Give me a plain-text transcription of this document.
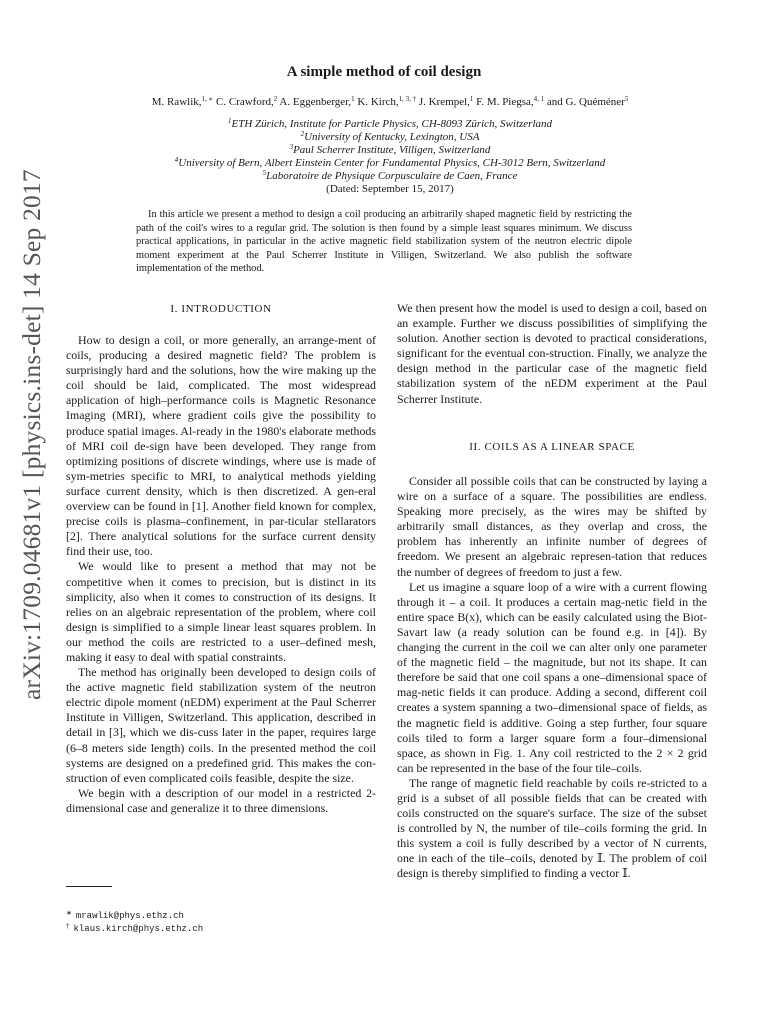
arXiv:1709.04681v1 [physics.ins-det] 14 Sep 2017
A simple method of coil design
M. Rawlik,$^{1, ∗}$ C. Crawford,$^2$ A. Eggenberger,$^1$ K. Kirch,$^{1, 3, \dagger}$ J. Krempel,$^1$ F. M. Piegsa,$^{4, 1}$ and G. Quéméner$^5$
$^1$ETH Zürich, Institute for Particle Physics, CH-8093 Zürich, Switzerland
$^2$University of Kentucky, Lexington, USA
$^3$Paul Scherrer Institute, Villigen, Switzerland
$^4$University of Bern, Albert Einstein Center for Fundamental Physics, CH-3012 Bern, Switzerland
$^5$Laboratoire de Physique Corpusculaire de Caen, France
(Dated: September 15, 2017)

In this article we present a method to design a coil producing an arbitrarily shaped magnetic field by restricting the path of the coil's wires to a regular grid. The solution is then found by a simple least squares minimum. We discuss practical applications, in particular in the active magnetic field stabilization system of the neutron electric dipole moment experiment at the Paul Scherrer Institute in Villigen, Switzerland. We also publish the software implementation of the method.

I. INTRODUCTION

How to design a coil, or more generally, an arrange-ment of coils, producing a desired magnetic field? The problem is surprisingly hard and the solutions, how the wire making up the coil should be laid, complicated. The most widespread application of high–performance coils is Magnetic Resonance Imaging (MRI), where gradient coils give the possibility to produce spatial images. Al-ready in the 1980's elaborate methods of MRI coil de-sign have been developed. They range from optimizing positions of discrete windings, where use is made of sym-metries specific to MRI, to analytical methods yielding surface current density, which is then discretized. A gen-eral overview can be found in [1]. Another field known for complex, precise coils is plasma–confinement, in par-ticular stellarators [2]. There analytical solutions for the surface current density find their use, too.

We would like to present a method that may not be competitive when it comes to precision, but is distinct in its simplicity, also when it comes to construction of its designs. It relies on an algebraic representation of the problem, where coil design is simplified to a simple linear least squares problem. In our method the coils are restricted to a user–defined mesh, making it easy to deal with spatial constraints.

The method has originally been developed to design coils of the active magnetic field stabilization system of the neutron electric dipole moment (nEDM) experiment at the Paul Scherrer Institute in Villigen, Switzerland. This application, described in detail in [3], which we dis-cuss later in the paper, requires large (6–8 meters side length) coils. In the presented method the coil systems are designed on a predefined grid. This makes the con-struction of even complicated coils feasible, despite the size.

We begin with a description of our model in a restricted 2-dimensional case and generalize it to three dimensions.

We then present how the model is used to design a coil, based on an example. Further we discuss possibilities of simplifying the solution. Another section is devoted to practical considerations, significant for the eventual con-struction. Finally, we analyze the design method in the particular case of the magnetic field stabilization system of the nEDM experiment at the Paul Scherrer Institute.

II. COILS AS A LINEAR SPACE

Consider all possible coils that can be constructed by laying a wire on a surface of a square. The possibilities are endless. Speaking more precisely, as the wires may be shifted by arbitrarily small distances, as they overlap and cross, the problem has inherently an infinite number of degrees of freedom. We present an algebraic represen-tation that reduces the number of degrees of freedom to just a few.

Let us imagine a square loop of a wire with a current flowing through it – a coil. It produces a certain mag-netic field in the entire space B(x), which can be easily calculated using the Biot-Savart law (a ready solution can be found e.g. in [4]). By changing the current in the coil we can alter only one parameter of the magnetic field – the magnitude, but not its shape. It can therefore be said that one coil spans a one–dimensional space of mag-netic fields it can produce. Adding a second, different coil creates a system spanning a two–dimensional space of fields, as the magnetic field is additive. Going a step further, four square coils tiled to form a larger square form a four–dimensional space, as shown in Fig. 1. Any coil restricted to the 2 × 2 grid can be represented in the base of the four tile–coils.

The range of magnetic field reachable by coils re-stricted to a grid is a subset of all possible fields that can be created with coils constructed on the square's surface. The size of the subset is controlled by N, the number of tile–coils forming the grid. In this system a coil is fully described by a vector of N currents, one in each of the tile–coils, denoted by 𝕀. The problem of coil design is thereby simplified to finding a vector 𝕀.

∗ mrawlik@phys.ethz.ch
† klaus.kirch@phys.ethz.ch
